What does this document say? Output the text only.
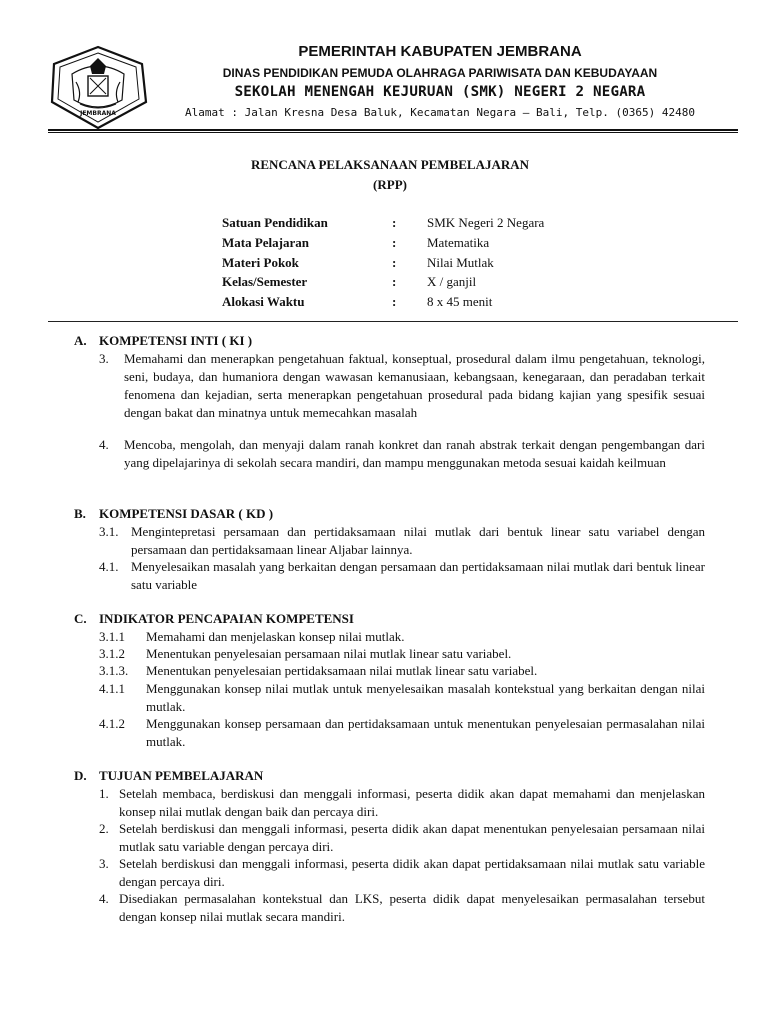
JEMBRANA
PEMERINTAH KABUPATEN JEMBRANA
DINAS PENDIDIKAN PEMUDA OLAHRAGA PARIWISATA DAN KEBUDAYAAN
SEKOLAH MENENGAH KEJURUAN (SMK) NEGERI 2 NEGARA
Alamat : Jalan Kresna Desa Baluk, Kecamatan Negara – Bali, Telp. (0365) 42480
RENCANA PELAKSANAAN PEMBELAJARAN
(RPP)
Satuan Pendidikan	: SMK Negeri 2 Negara
Mata Pelajaran	: Matematika
Materi Pokok	: Nilai Mutlak
Kelas/Semester	: X / ganjil
Alokasi Waktu	: 8 x 45 menit
A. KOMPETENSI INTI ( KI )
3.	Memahami dan menerapkan pengetahuan faktual, konseptual, prosedural dalam ilmu pengetahuan, teknologi, seni, budaya, dan humaniora dengan wawasan kemanusiaan, kebangsaan, kenegaraan, dan peradaban terkait fenomena dan kejadian, serta menerapkan pengetahuan prosedural pada bidang kajian yang spesifik sesuai dengan bakat dan minatnya untuk memecahkan masalah
4.	Mencoba, mengolah, dan menyaji dalam ranah konkret dan ranah abstrak terkait dengan pengembangan dari yang dipelajarinya di sekolah secara mandiri, dan mampu menggunakan metoda sesuai kaidah keilmuan
B. KOMPETENSI DASAR ( KD )
3.1. Mengintepretasi persamaan dan pertidaksamaan nilai mutlak dari bentuk linear satu variabel dengan persamaan dan pertidaksamaan linear Aljabar lainnya.
4.1. Menyelesaikan masalah yang berkaitan dengan persamaan dan pertidaksamaan nilai mutlak dari bentuk linear satu variable
C. INDIKATOR PENCAPAIAN KOMPETENSI
3.1.1	Memahami dan menjelaskan konsep nilai mutlak.
3.1.2	Menentukan penyelesaian persamaan nilai mutlak linear satu variabel.
3.1.3.	Menentukan penyelesaian pertidaksamaan nilai mutlak linear satu variabel.
4.1.1	Menggunakan konsep nilai mutlak untuk menyelesaikan masalah kontekstual yang berkaitan dengan nilai mutlak.
4.1.2	Menggunakan konsep persamaan dan pertidaksamaan untuk menentukan penyelesaian permasalahan nilai mutlak.
D. TUJUAN PEMBELAJARAN
1. Setelah membaca, berdiskusi dan menggali informasi, peserta didik akan dapat memahami dan menjelaskan konsep nilai mutlak dengan baik dan percaya diri.
2. Setelah berdiskusi dan menggali informasi, peserta didik akan dapat menentukan penyelesaian persamaan nilai mutlak satu variable dengan percaya diri.
3. Setelah berdiskusi dan menggali informasi, peserta didik akan dapat pertidaksamaan nilai mutlak satu variable dengan percaya diri.
4. Disediakan permasalahan kontekstual dan LKS, peserta didik dapat menyelesaikan permasalahan tersebut dengan konsep nilai mutlak secara mandiri.
